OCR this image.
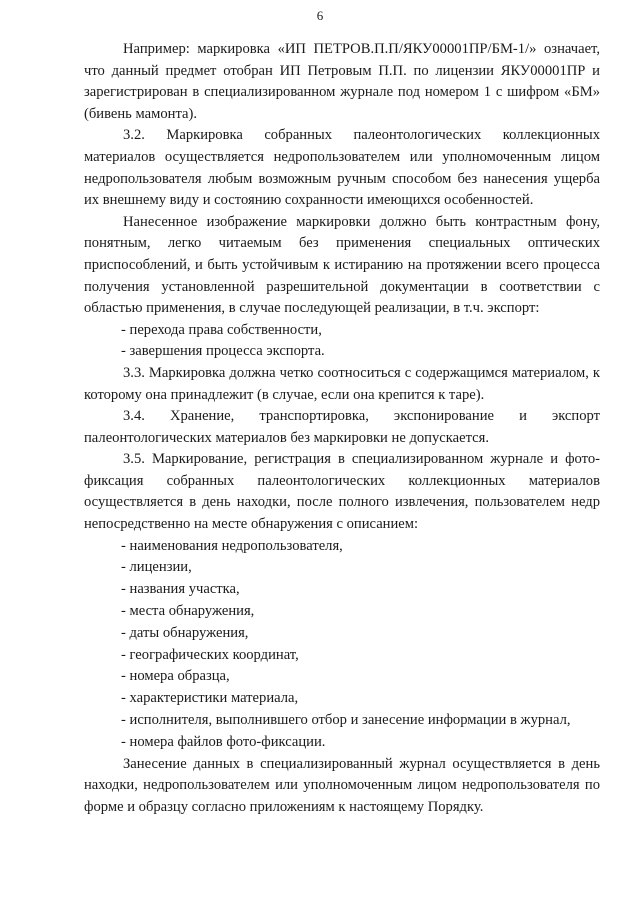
6

Например: маркировка «ИП ПЕТРОВ.П.П/ЯКУ00001ПР/БМ-1/» означает, что данный предмет отобран ИП Петровым П.П. по лицензии ЯКУ00001ПР и зарегистрирован в специализированном журнале под номером 1 с шифром «БМ» (бивень мамонта).

3.2. Маркировка собранных палеонтологических коллекционных материалов осуществляется недропользователем или уполномоченным лицом недропользователя любым возможным ручным способом без нанесения ущерба их внешнему виду и состоянию сохранности имеющихся особенностей.

Нанесенное изображение маркировки должно быть контрастным фону, понятным, легко читаемым без применения специальных оптических приспособлений, и быть устойчивым к истиранию на протяжении всего процесса получения установленной разрешительной документации в соответствии с областью применения, в случае последующей реализации, в т.ч. экспорт:

- перехода права собственности,

- завершения процесса экспорта.

3.3. Маркировка должна четко соотноситься с содержащимся материалом, к которому она принадлежит (в случае, если она крепится к таре).

3.4. Хранение, транспортировка, экспонирование и экспорт палеонтологических материалов без маркировки не допускается.

3.5. Маркирование, регистрация в специализированном журнале и фото-фиксация собранных палеонтологических коллекционных материалов осуществляется в день находки, после полного извлечения, пользователем недр непосредственно на месте обнаружения с описанием:

- наименования недропользователя,

- лицензии,

- названия участка,

- места обнаружения,

- даты обнаружения,

- географических координат,

- номера образца,

- характеристики материала,

- исполнителя, выполнившего отбор и занесение информации в журнал,

- номера файлов фото-фиксации.

Занесение данных в специализированный журнал осуществляется в день находки, недропользователем или уполномоченным лицом недропользователя по форме и образцу согласно приложениям к настоящему Порядку.
